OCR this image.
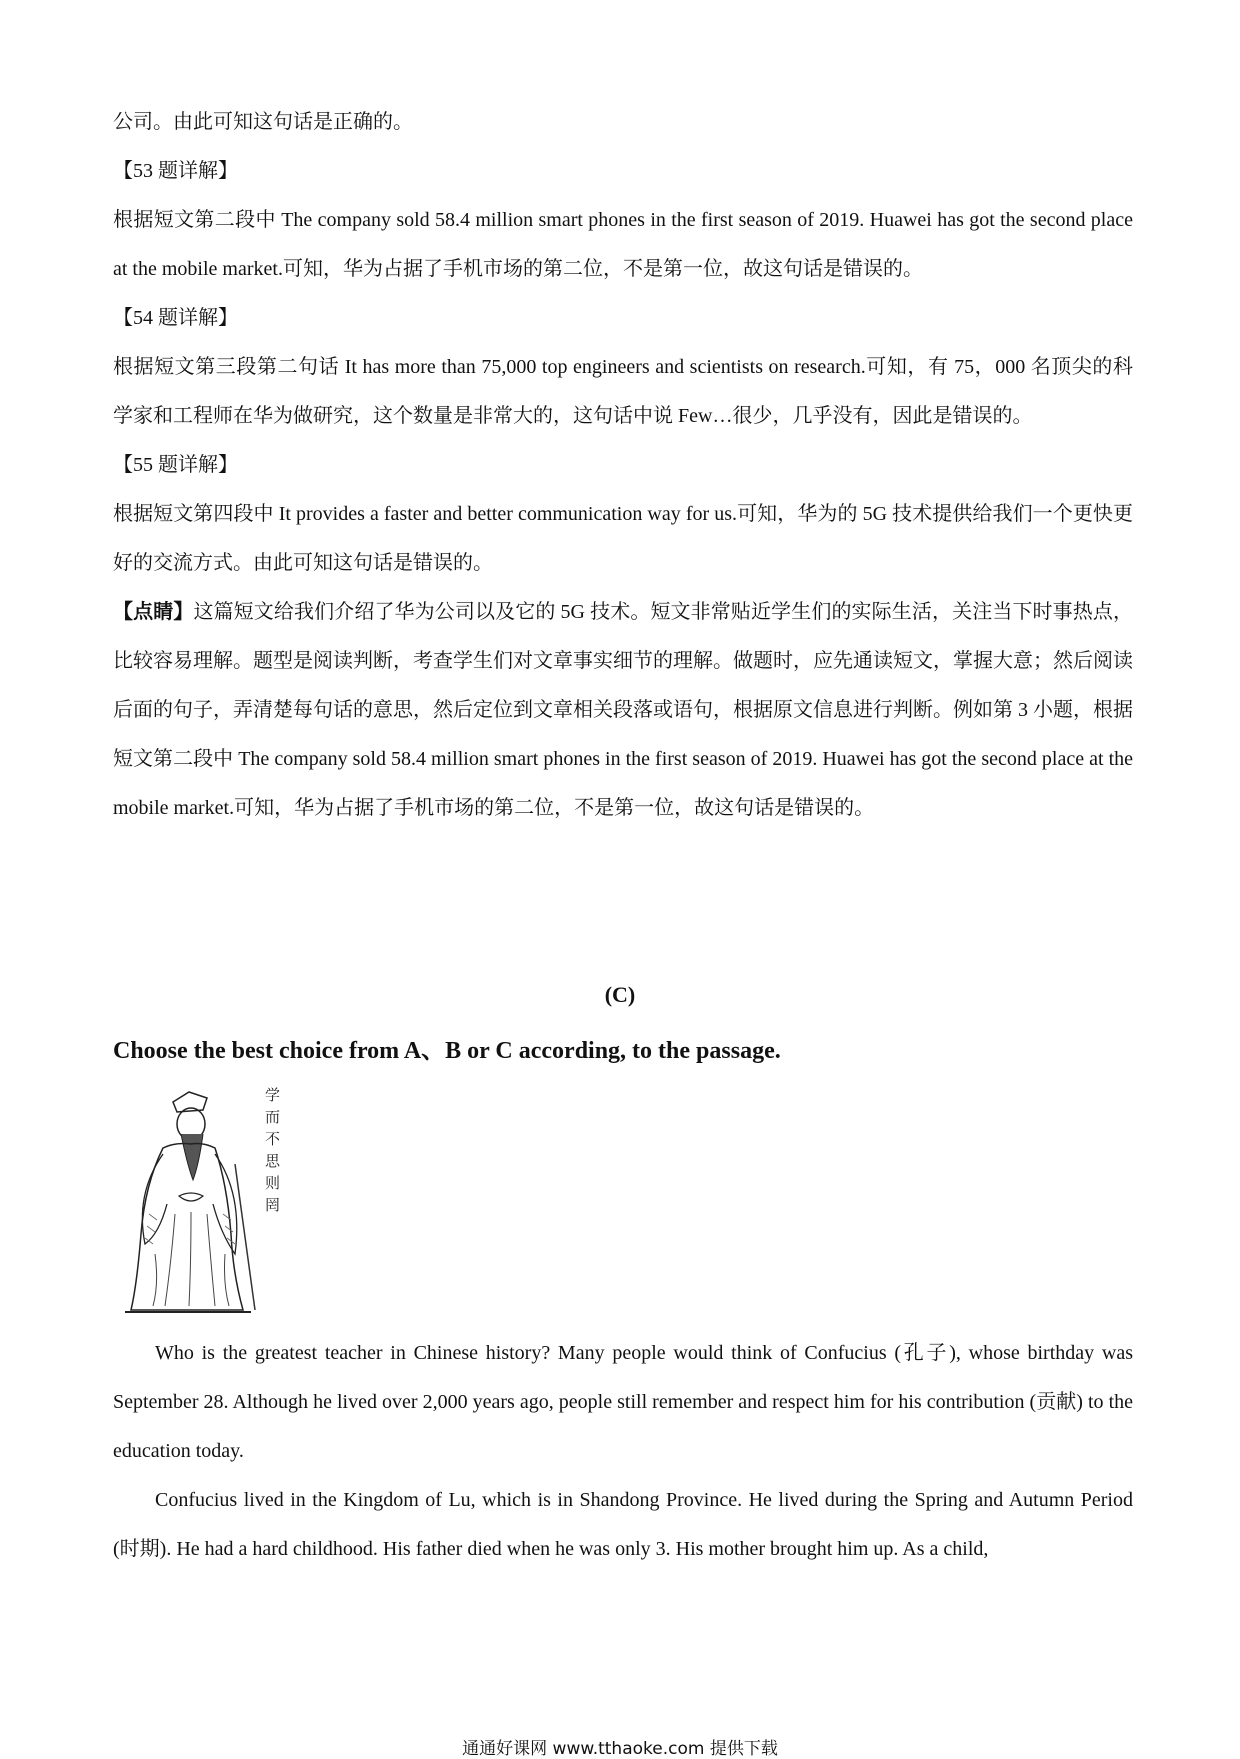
公司。由此可知这句话是正确的。

【53 题详解】

根据短文第二段中 The company sold 58.4 million smart phones in the first season of 2019. Huawei has got the second place at the mobile market.可知，华为占据了手机市场的第二位，不是第一位，故这句话是错误的。

【54 题详解】

根据短文第三段第二句话 It has more than 75,000 top engineers and scientists on research.可知，有 75，000 名顶尖的科学家和工程师在华为做研究，这个数量是非常大的，这句话中说 Few…很少，几乎没有，因此是错误的。

【55 题详解】

根据短文第四段中 It provides a faster and better communication way for us.可知，华为的 5G 技术提供给我们一个更快更好的交流方式。由此可知这句话是错误的。

【点睛】这篇短文给我们介绍了华为公司以及它的 5G 技术。短文非常贴近学生们的实际生活，关注当下时事热点，比较容易理解。题型是阅读判断，考查学生们对文章事实细节的理解。做题时，应先通读短文，掌握大意；然后阅读后面的句子，弄清楚每句话的意思，然后定位到文章相关段落或语句，根据原文信息进行判断。例如第 3 小题，根据短文第二段中 The company sold 58.4 million smart phones in the first season of 2019. Huawei has got the second place at the mobile market.可知，华为占据了手机市场的第二位，不是第一位，故这句话是错误的。

(C)
Choose the best choice from A、B or C according, to the passage.
学而不思则罔

Who is the greatest teacher in Chinese history? Many people would think of Confucius (孔子), whose birthday was September 28. Although he lived over 2,000 years ago, people still remember and respect him for his contribution (贡献) to the education today.

Confucius lived in the Kingdom of Lu, which is in Shandong Province. He lived during the Spring and Autumn Period (时期). He had a hard childhood. His father died when he was only 3. His mother brought him up. As a child,

通通好课网 www.tthaoke.com 提供下载
